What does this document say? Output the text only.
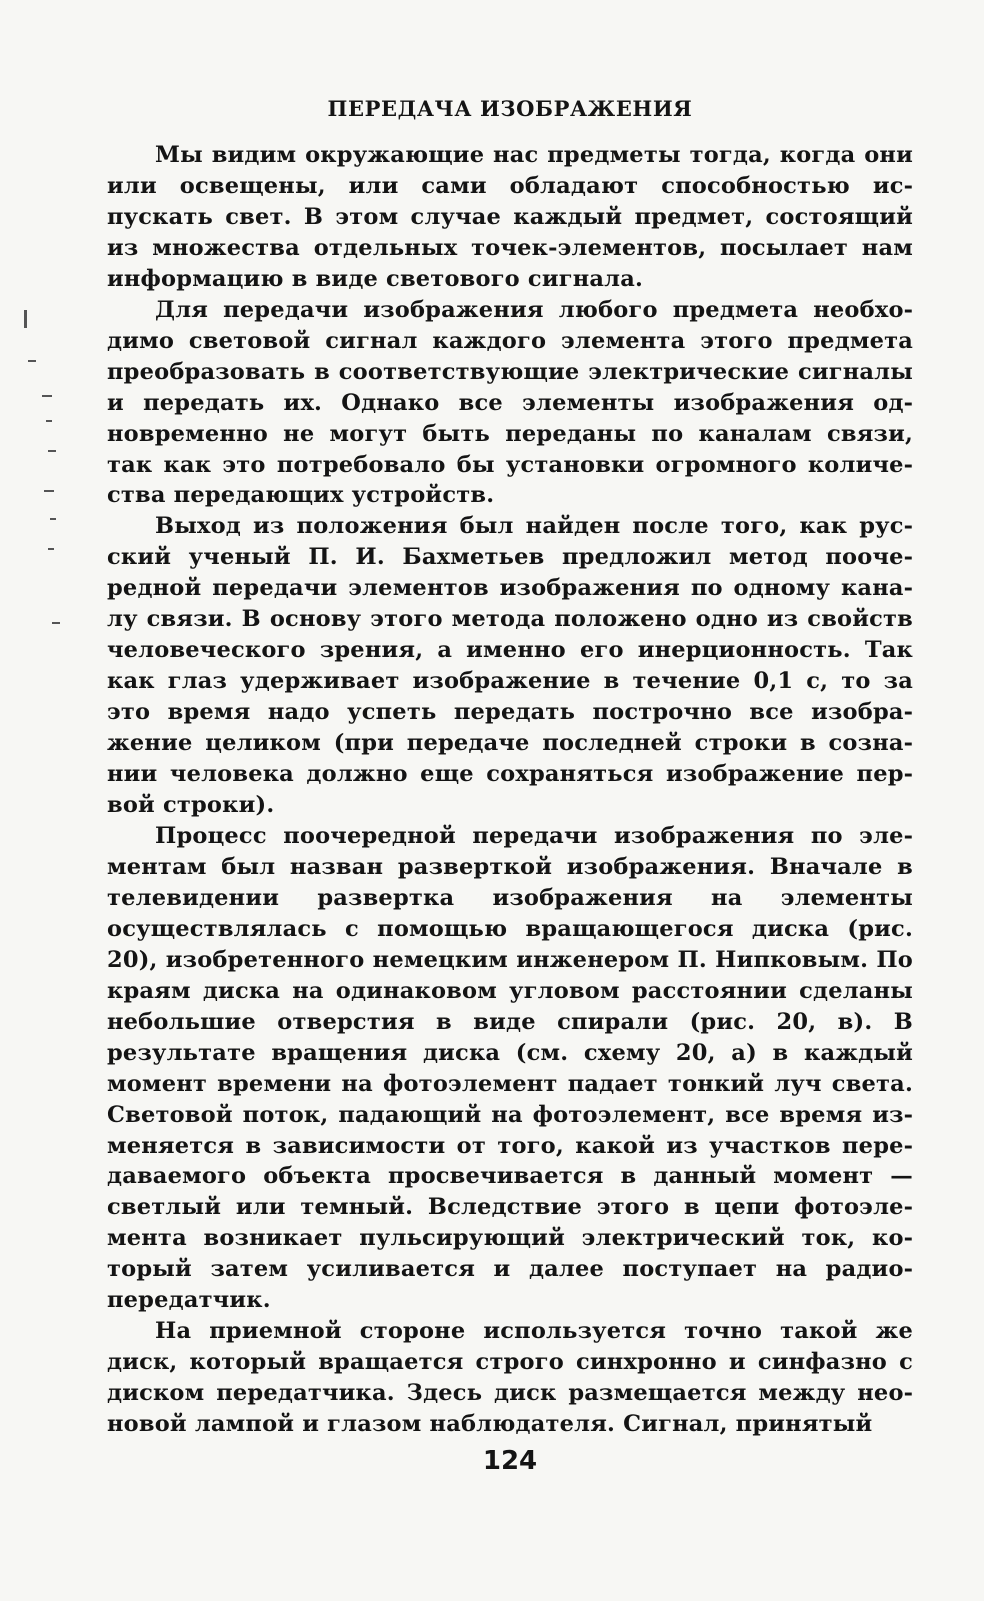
ПЕРЕДАЧА ИЗОБРАЖЕНИЯ

Мы видим окружающие нас предметы тогда, когда они или освещены, или сами обладают способностью испускать свет. В этом случае каждый предмет, состоящий из множества отдельных точек-элементов, посылает нам информацию в виде светового сигнала.

Для передачи изображения любого предмета необходимо световой сигнал каждого элемента этого предмета преобразовать в соответствующие электрические сигналы и передать их. Однако все элементы изображения одновременно не могут быть переданы по каналам связи, так как это потребовало бы установки огромного количества передающих устройств.

Выход из положения был найден после того, как русский ученый П. И. Бахметьев предложил метод поочередной передачи элементов изображения по одному каналу связи. В основу этого метода положено одно из свойств человеческого зрения, а именно его инерционность. Так как глаз удерживает изображение в течение 0,1 с, то за это время надо успеть передать построчно все изображение целиком (при передаче последней строки в сознании человека должно еще сохраняться изображение первой строки).

Процесс поочередной передачи изображения по элементам был назван разверткой изображения. Вначале в телевидении развертка изображения на элементы осуществлялась с помощью вращающегося диска (рис. 20), изобретенного немецким инженером П. Нипковым. По краям диска на одинаковом угловом расстоянии сделаны небольшие отверстия в виде спирали (рис. 20, в). В результате вращения диска (см. схему 20, а) в каждый момент времени на фотоэлемент падает тонкий луч света. Световой поток, падающий на фотоэлемент, все время изменяется в зависимости от того, какой из участков передаваемого объекта просвечивается в данный момент — светлый или темный. Вследствие этого в цепи фотоэлемента возникает пульсирующий электрический ток, который затем усиливается и далее поступает на радиопередатчик.

На приемной стороне используется точно такой же диск, который вращается строго синхронно и синфазно с диском передатчика. Здесь диск размещается между неоновой лампой и глазом наблюдателя. Сигнал, принятый

124
